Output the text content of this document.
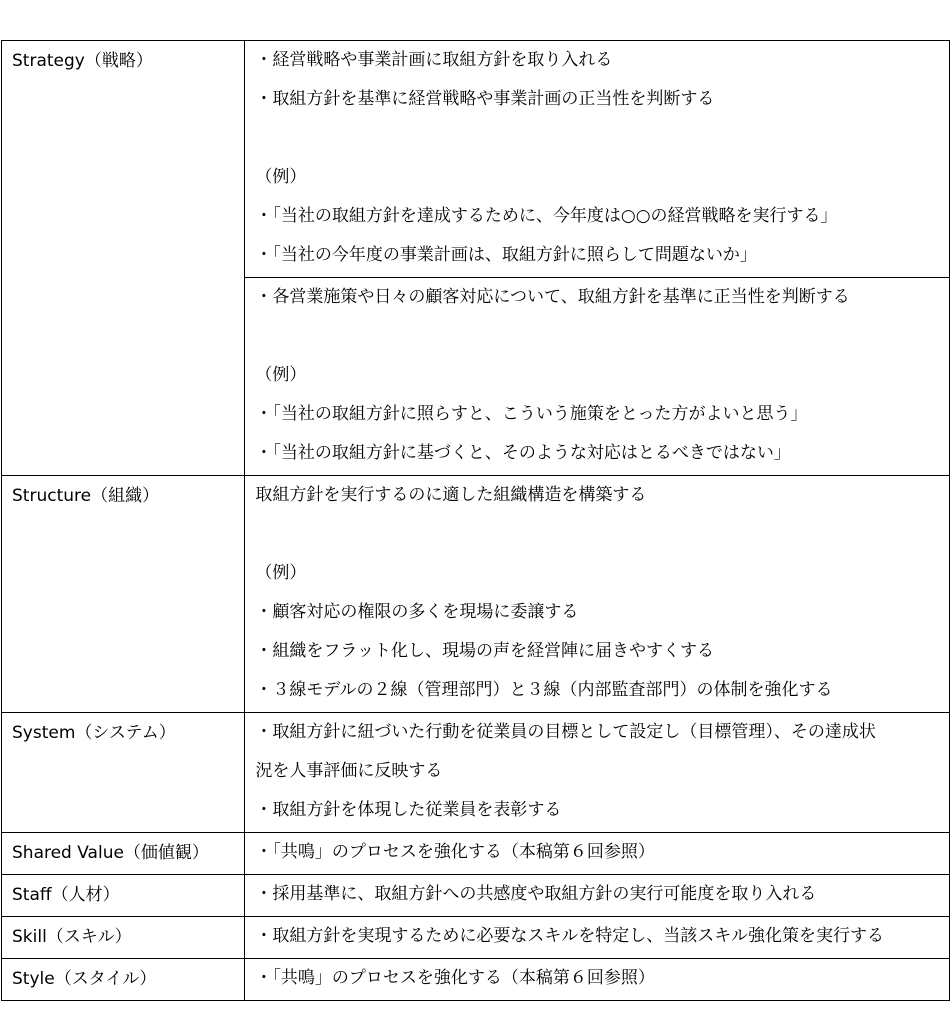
Strategy（戦略）	・経営戦略や事業計画に取組方針を取り入れる
・取組方針を基準に経営戦略や事業計画の正当性を判断する
（例）
・「当社の取組方針を達成するために、今年度は○○の経営戦略を実行する」
・「当社の今年度の事業計画は、取組方針に照らして問題ないか」

	・各営業施策や日々の顧客対応について、取組方針を基準に正当性を判断する
（例）
・「当社の取組方針に照らすと、こういう施策をとった方がよいと思う」
・「当社の取組方針に基づくと、そのような対応はとるべきではない」

Structure（組織）	取組方針を実行するのに適した組織構造を構築する
（例）
・顧客対応の権限の多くを現場に委譲する
・組織をフラット化し、現場の声を経営陣に届きやすくする
・３線モデルの２線（管理部門）と３線（内部監査部門）の体制を強化する

System（システム）	・取組方針に紐づいた行動を従業員の目標として設定し（目標管理）、その達成状
況を人事評価に反映する
・取組方針を体現した従業員を表彰する

Shared Value（価値観）	・「共鳴」のプロセスを強化する（本稿第６回参照）

Staff（人材）	・採用基準に、取組方針への共感度や取組方針の実行可能度を取り入れる

Skill（スキル）	・取組方針を実現するために必要なスキルを特定し、当該スキル強化策を実行する

Style（スタイル）	・「共鳴」のプロセスを強化する（本稿第６回参照）
